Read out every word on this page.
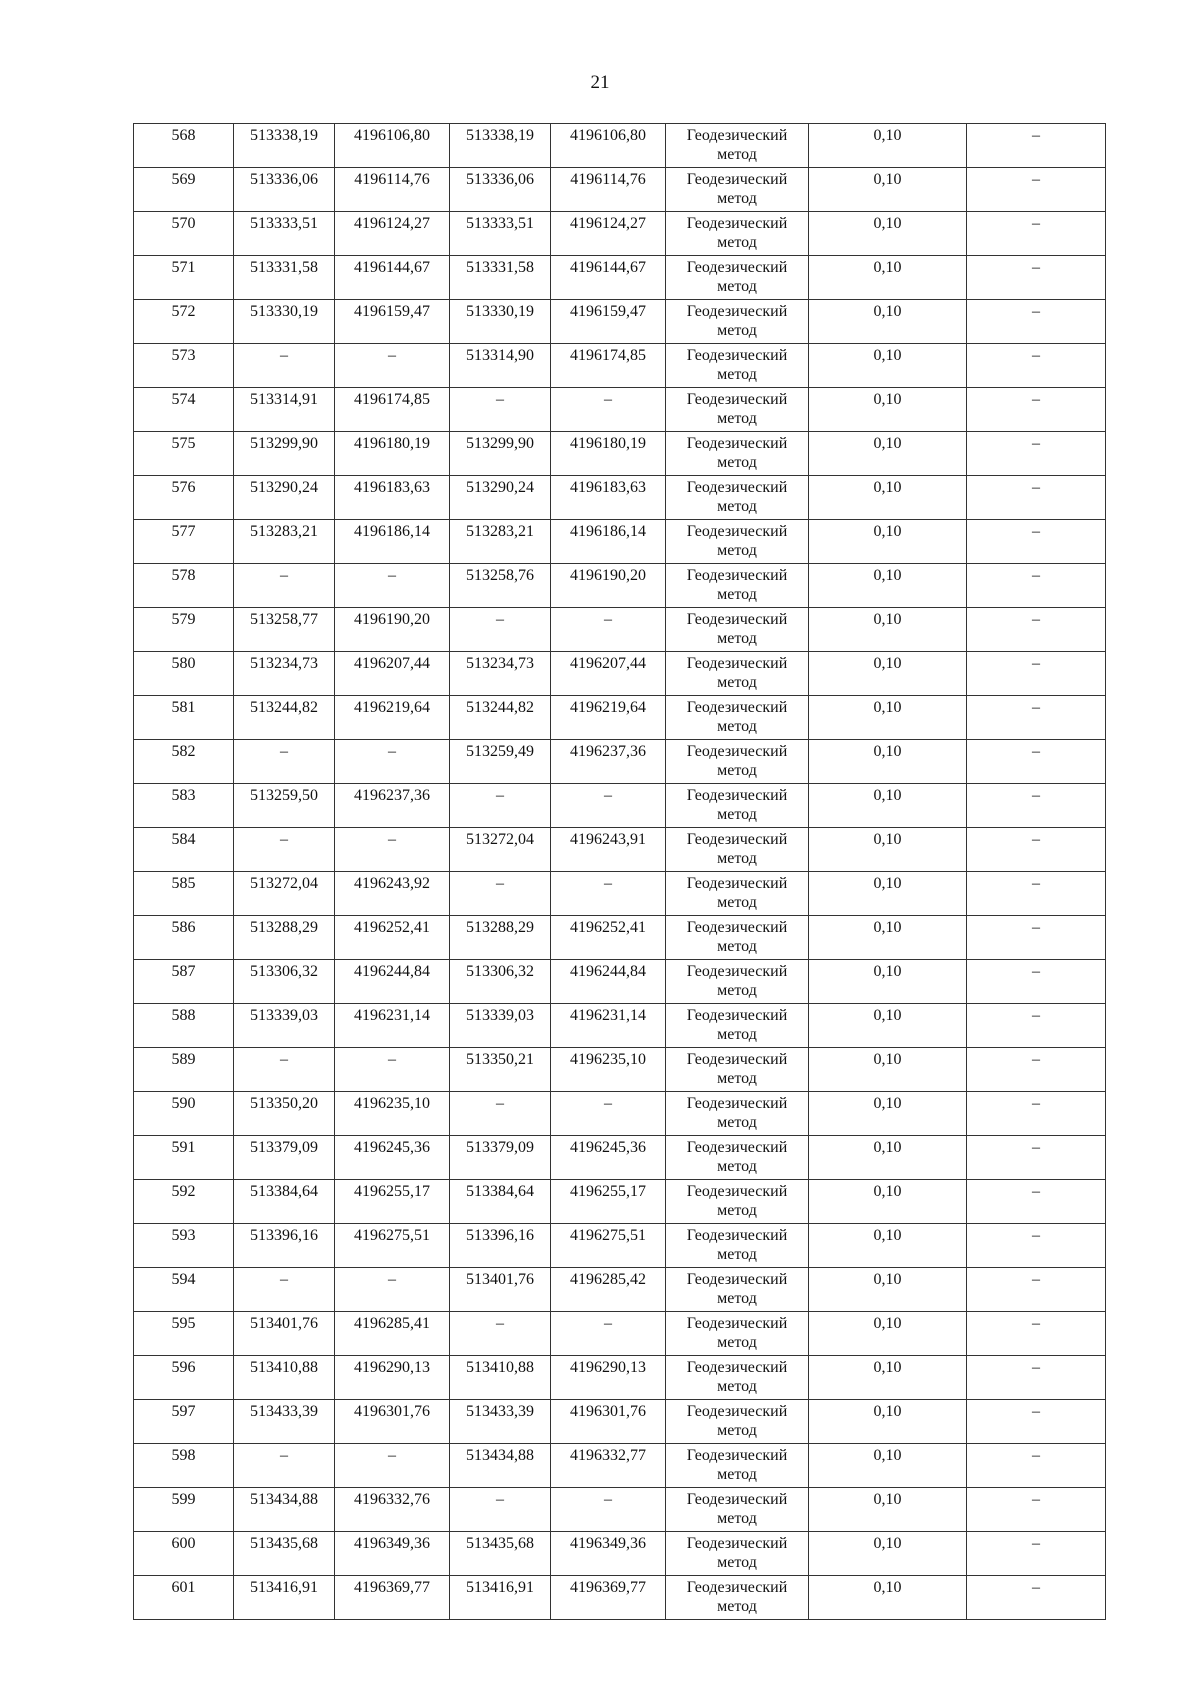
21
568	513338,19	4196106,80	513338,19	4196106,80	Геодезический метод	0,10	–
569	513336,06	4196114,76	513336,06	4196114,76	Геодезический метод	0,10	–
570	513333,51	4196124,27	513333,51	4196124,27	Геодезический метод	0,10	–
571	513331,58	4196144,67	513331,58	4196144,67	Геодезический метод	0,10	–
572	513330,19	4196159,47	513330,19	4196159,47	Геодезический метод	0,10	–
573	–	–	513314,90	4196174,85	Геодезический метод	0,10	–
574	513314,91	4196174,85	–	–	Геодезический метод	0,10	–
575	513299,90	4196180,19	513299,90	4196180,19	Геодезический метод	0,10	–
576	513290,24	4196183,63	513290,24	4196183,63	Геодезический метод	0,10	–
577	513283,21	4196186,14	513283,21	4196186,14	Геодезический метод	0,10	–
578	–	–	513258,76	4196190,20	Геодезический метод	0,10	–
579	513258,77	4196190,20	–	–	Геодезический метод	0,10	–
580	513234,73	4196207,44	513234,73	4196207,44	Геодезический метод	0,10	–
581	513244,82	4196219,64	513244,82	4196219,64	Геодезический метод	0,10	–
582	–	–	513259,49	4196237,36	Геодезический метод	0,10	–
583	513259,50	4196237,36	–	–	Геодезический метод	0,10	–
584	–	–	513272,04	4196243,91	Геодезический метод	0,10	–
585	513272,04	4196243,92	–	–	Геодезический метод	0,10	–
586	513288,29	4196252,41	513288,29	4196252,41	Геодезический метод	0,10	–
587	513306,32	4196244,84	513306,32	4196244,84	Геодезический метод	0,10	–
588	513339,03	4196231,14	513339,03	4196231,14	Геодезический метод	0,10	–
589	–	–	513350,21	4196235,10	Геодезический метод	0,10	–
590	513350,20	4196235,10	–	–	Геодезический метод	0,10	–
591	513379,09	4196245,36	513379,09	4196245,36	Геодезический метод	0,10	–
592	513384,64	4196255,17	513384,64	4196255,17	Геодезический метод	0,10	–
593	513396,16	4196275,51	513396,16	4196275,51	Геодезический метод	0,10	–
594	–	–	513401,76	4196285,42	Геодезический метод	0,10	–
595	513401,76	4196285,41	–	–	Геодезический метод	0,10	–
596	513410,88	4196290,13	513410,88	4196290,13	Геодезический метод	0,10	–
597	513433,39	4196301,76	513433,39	4196301,76	Геодезический метод	0,10	–
598	–	–	513434,88	4196332,77	Геодезический метод	0,10	–
599	513434,88	4196332,76	–	–	Геодезический метод	0,10	–
600	513435,68	4196349,36	513435,68	4196349,36	Геодезический метод	0,10	–
601	513416,91	4196369,77	513416,91	4196369,77	Геодезический метод	0,10	–
